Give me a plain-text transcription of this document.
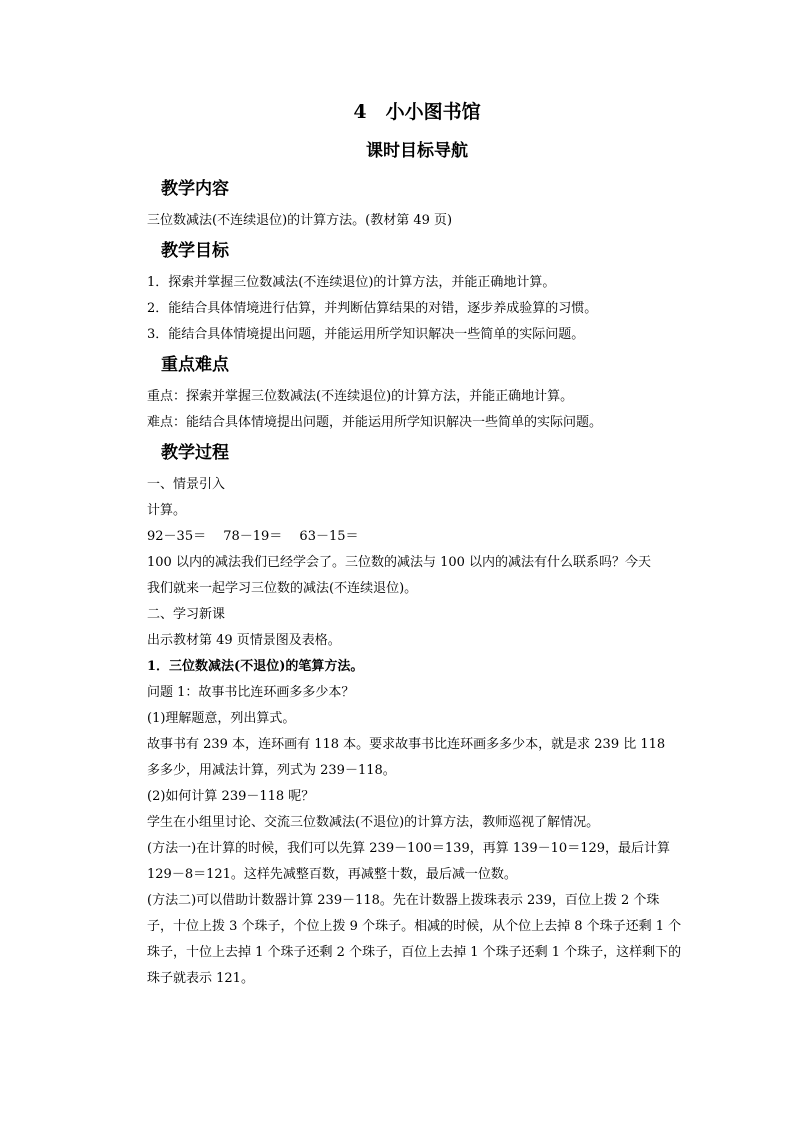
4　小小图书馆
课时目标导航
教学内容
三位数减法(不连续退位)的计算方法。(教材第 49 页)
教学目标
1．探索并掌握三位数减法(不连续退位)的计算方法，并能正确地计算。
2．能结合具体情境进行估算，并判断估算结果的对错，逐步养成验算的习惯。
3．能结合具体情境提出问题，并能运用所学知识解决一些简单的实际问题。
重点难点
重点：探索并掌握三位数减法(不连续退位)的计算方法，并能正确地计算。
难点：能结合具体情境提出问题，并能运用所学知识解决一些简单的实际问题。
教学过程
一、情景引入
计算。
92－35＝　 78－19＝　 63－15＝
100 以内的减法我们已经学会了。三位数的减法与 100 以内的减法有什么联系吗？今天
我们就来一起学习三位数的减法(不连续退位)。
二、学习新课
出示教材第 49 页情景图及表格。
1．三位数减法(不退位)的笔算方法。
问题 1：故事书比连环画多多少本？
(1)理解题意，列出算式。
故事书有 239 本，连环画有 118 本。要求故事书比连环画多多少本，就是求 239 比 118
多多少，用减法计算，列式为 239－118。
(2)如何计算 239－118 呢？
学生在小组里讨论、交流三位数减法(不退位)的计算方法，教师巡视了解情况。
(方法一)在计算的时候，我们可以先算 239－100＝139，再算 139－10＝129，最后计算
129－8＝121。这样先减整百数，再减整十数，最后减一位数。
(方法二)可以借助计数器计算 239－118。先在计数器上拨珠表示 239，百位上拨 2 个珠
子，十位上拨 3 个珠子，个位上拨 9 个珠子。相减的时候，从个位上去掉 8 个珠子还剩 1 个
珠子，十位上去掉 1 个珠子还剩 2 个珠子，百位上去掉 1 个珠子还剩 1 个珠子，这样剩下的
珠子就表示 121。
